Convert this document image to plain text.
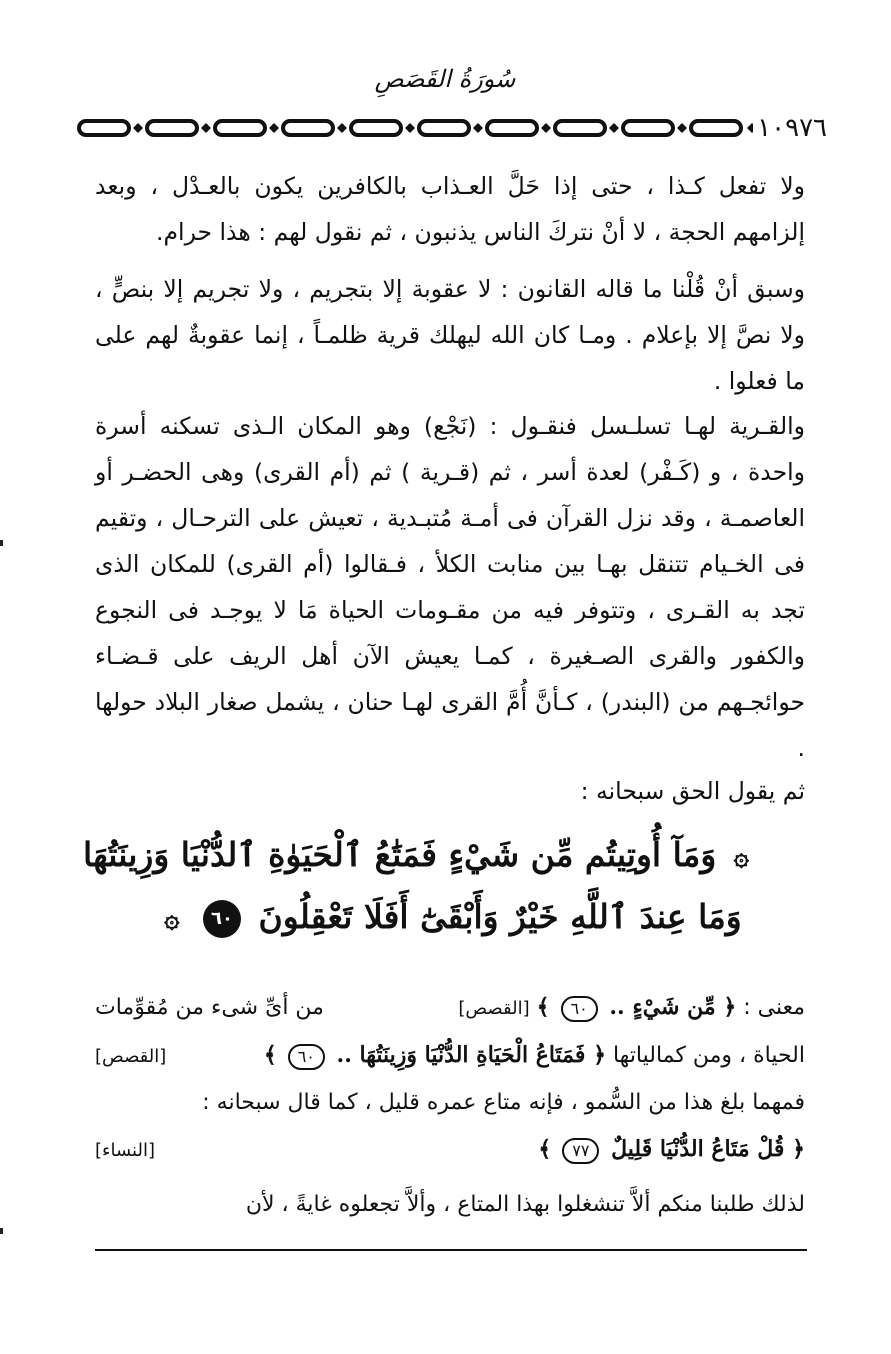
سُورَةُ القَصَصِ
١٠٩٧٦

ولا تفعل كـذا ، حتى إذا حَلَّ العـذاب بالكافرين يكون بالعـدْل ، وبعد إلزامهم الحجة ، لا أنْ نتركَ الناس يذنبون ، ثم نقول لهم : هذا حرام.

وسبق أنْ قُلْنا ما قاله القانون : لا عقوبة إلا بتجريم ، ولا تجريم إلا بنصٍّ ، ولا نصَّ إلا بإعلام . ومـا كان الله ليهلك قرية ظلمـاً ، إنما عقوبةٌ لهم على ما فعلوا .

والقـرية لهـا تسلـسل فنقـول : (نَجْع) وهو المكان الـذى تسكنه أسرة واحدة ، و (كَـفْر) لعدة أسر ، ثم (قـرية ) ثم (أم القرى) وهى الحضـر أو العاصمـة ، وقد نزل القرآن فى أمـة مُتبـدية ، تعيش على الترحـال ، وتقيم فى الخـيام تتنقل بهـا بين منابت الكلأ ، فـقالوا (أم القرى) للمكان الذى تجد به القـرى ، وتتوفر فيه من مقـومات الحياة مَا لا يوجـد فى النجوع والكفور والقرى الصـغيرة ، كمـا يعيش الآن أهل الريف على قـضـاء حوائجـهم من (البندر) ، كـأنَّ أُمَّ القرى لهـا حنان ، يشمل صغار البلاد حولها .

ثم يقول الحق سبحانه :

۞ وَمَآ أُوتِيتُم مِّن شَيْءٍ فَمَتَٰعُ ٱلْحَيَوٰةِ ٱلدُّنْيَا وَزِينَتُهَا
وَمَا عِندَ ٱللَّهِ خَيْرٌ وَأَبْقَىٰٓ أَفَلَا تَعْقِلُونَ ٦٠ ۞
معنى : ﴿ مِّن شَيْءٍ .. ٦٠ ﴾ [القصص]
من أىِّ شىء من مُقوِّمات
الحياة ، ومن كمالياتها ﴿ فَمَتَاعُ الْحَيَاةِ الدُّنْيَا وَزِينَتُهَا .. ٦٠ ﴾
[القصص]
فمهما بلغ هذا من السُّمو ، فإنه متاع عمره قليل ، كما قال سبحانه :
﴿ قُلْ مَتَاعُ الدُّنْيَا قَلِيلٌ ٧٧ ﴾
[النساء]
لذلك طلبنا منكم ألاَّ تنشغلوا بهذا المتاع ، وألاَّ تجعلوه غايةً ، لأن
